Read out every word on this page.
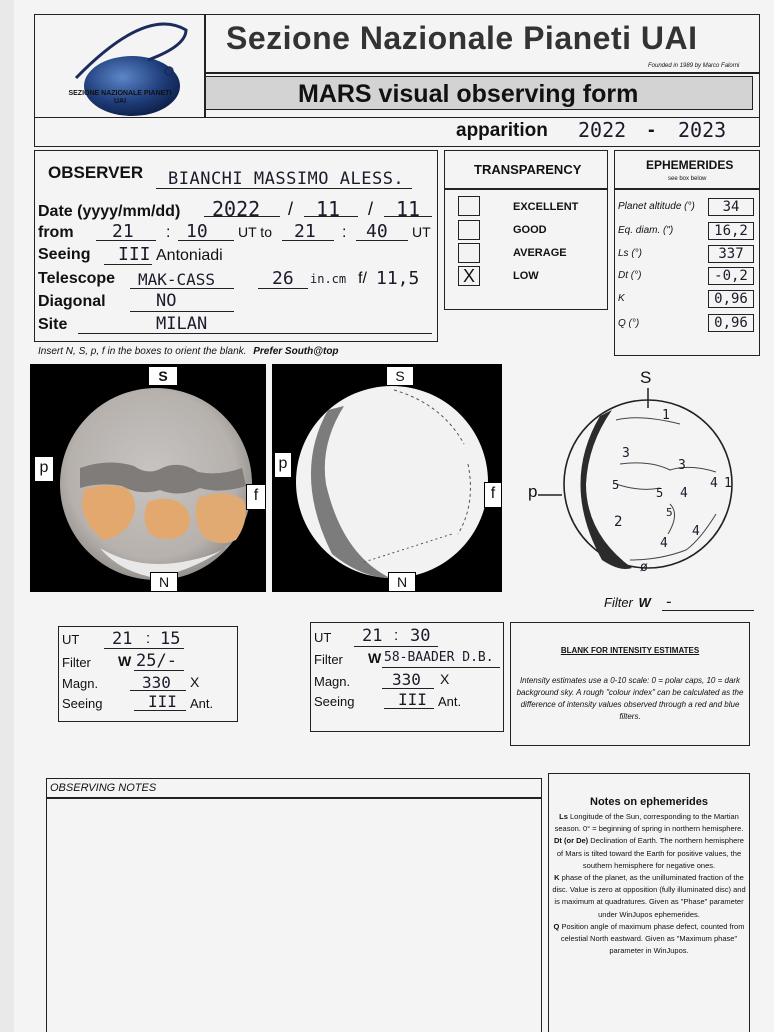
SEZIONE NAZIONALE PIANETI
UAI
Sezione Nazionale Pianeti UAI
Founded in 1989 by Marco Falorni
MARS visual observing form
apparition 2022 - 2023
OBSERVER BIANCHI MASSIMO ALESS.
Date (yyyy/mm/dd) 2022 / 11 / 11
from 21 : 10 UT to 21 : 40 UT
Seeing III Antoniadi
Telescope MAK-CASS	26 in.cm f/ 11,5
Diagonal	NO
Site	MILAN
TRANSPARENCY
EXCELLENT
GOOD
AVERAGE
X	LOW
EPHEMERIDES
see box below
Planet altitude (°)	34
Eq. diam. (")	16,2
Ls (°)	337
Dt (°)	-0,2
K	0,96
Q (°)	0,96
Insert N, S, p, f in the boxes to orient the blank. Prefer South@top
S
N
p
f
S
N
p
f
S
p
1
3
3
5
5 4
4 1
2
5
4
4
ø
Filter W -
UT 21 : 15
Filter W 25/-
Magn.	330 X
Seeing	III Ant.
UT 21 : 30
Filter W 58-BAADER D.B.
Magn.	330 X
Seeing	III Ant.
BLANK FOR INTENSITY ESTIMATES
Intensity estimates use a 0-10 scale: 0 = polar caps, 10 = dark background sky. A rough "colour index" can be calculated as the difference of intensity values observed through a red and blue filters.
OBSERVING NOTES
Notes on ephemerides
Ls Longitude of the Sun, corresponding to the Martian season. 0° = beginning of spring in northern hemisphere.
Dt (or De) Declination of Earth. The northern hemisphere of Mars is tilted toward the Earth for positive values, the southern hemisphere for negative ones.
K phase of the planet, as the unilluminated fraction of the disc. Value is zero at opposition (fully illuminated disc) and is maximum at quadratures. Given as "Phase" parameter under WinJupos ephemerides.
Q Position angle of maximum phase defect, counted from celestial North eastward. Given as "Maximum phase" parameter in WinJupos.
